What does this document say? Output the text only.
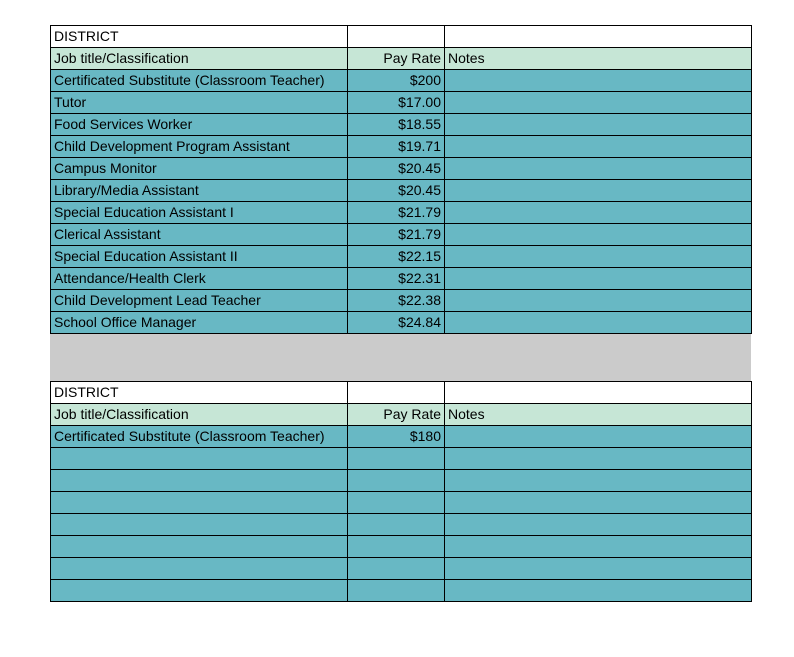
DISTRICT		
Job title/Classification	Pay Rate	Notes
Certificated Substitute (Classroom Teacher)	$200	
Tutor	$17.00	
Food Services Worker	$18.55	
Child Development Program Assistant	$19.71	
Campus Monitor	$20.45	
Library/Media Assistant	$20.45	
Special Education Assistant I	$21.79	
Clerical Assistant	$21.79	
Special Education Assistant II	$22.15	
Attendance/Health Clerk	$22.31	
Child Development Lead Teacher	$22.38	
School Office Manager	$24.84	
DISTRICT		
Job title/Classification	Pay Rate	Notes
Certificated Substitute (Classroom Teacher)	$180	
